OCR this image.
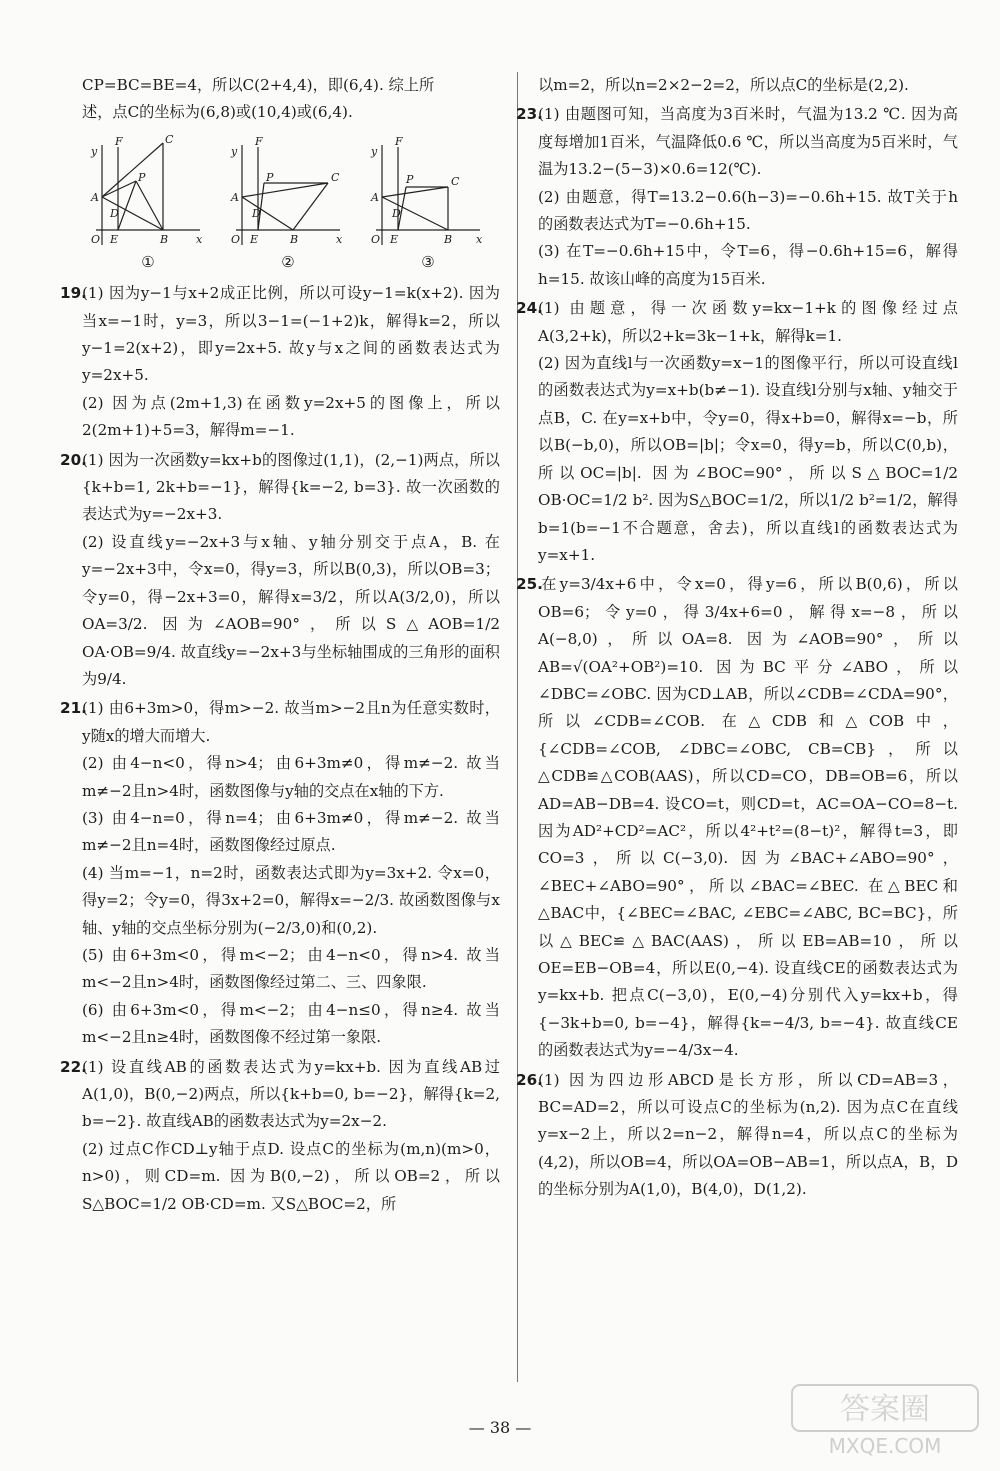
CP=BC=BE=4，所以C(2+4,4)，即(6,4). 综上所

述，点C的坐标为(6,8)或(10,4)或(6,4).

y
F	C
P
A
D
O E	B	x
y
F
C
P
A
D
O E	B	x
y
F
C
P
A
D
O E	B x
①	②	③

19.(1) 因为y−1与x+2成正比例，所以可设y−1=k(x+2). 因为当x=−1时，y=3，所以3−1=(−1+2)k，解得k=2，所以y−1=2(x+2)，即y=2x+5. 故y与x之间的函数表达式为y=2x+5.

(2) 因为点(2m+1,3)在函数y=2x+5的图像上，所以2(2m+1)+5=3，解得m=−1.

20.(1) 因为一次函数y=kx+b的图像过(1,1)，(2,−1)两点，所以{k+b=1, 2k+b=−1}，解得{k=−2, b=3}. 故一次函数的表达式为y=−2x+3.

(2) 设直线y=−2x+3与x轴、y轴分别交于点A，B. 在y=−2x+3中，令x=0，得y=3，所以B(0,3)，所以OB=3；令y=0，得−2x+3=0，解得x=3/2，所以A(3/2,0)，所以OA=3/2. 因为∠AOB=90°，所以S△AOB=1/2 OA·OB=9/4. 故直线y=−2x+3与坐标轴围成的三角形的面积为9/4.

21.(1) 由6+3m>0，得m>−2. 故当m>−2且n为任意实数时，y随x的增大而增大.

(2) 由4−n<0，得n>4；由6+3m≠0，得m≠−2. 故当m≠−2且n>4时，函数图像与y轴的交点在x轴的下方.

(3) 由4−n=0，得n=4；由6+3m≠0，得m≠−2. 故当m≠−2且n=4时，函数图像经过原点.

(4) 当m=−1，n=2时，函数表达式即为y=3x+2. 令x=0，得y=2；令y=0，得3x+2=0，解得x=−2/3. 故函数图像与x轴、y轴的交点坐标分别为(−2/3,0)和(0,2).

(5) 由6+3m<0，得m<−2；由4−n<0，得n>4. 故当m<−2且n>4时，函数图像经过第二、三、四象限.

(6) 由6+3m<0，得m<−2；由4−n≤0，得n≥4. 故当m<−2且n≥4时，函数图像不经过第一象限.

22.(1) 设直线AB的函数表达式为y=kx+b. 因为直线AB过A(1,0)，B(0,−2)两点，所以{k+b=0, b=−2}，解得{k=2, b=−2}. 故直线AB的函数表达式为y=2x−2.

(2) 过点C作CD⊥y轴于点D. 设点C的坐标为(m,n)(m>0，n>0)，则CD=m. 因为B(0,−2)，所以OB=2，所以S△BOC=1/2 OB·CD=m. 又S△BOC=2，所

以m=2，所以n=2×2−2=2，所以点C的坐标是(2,2).

23.(1) 由题图可知，当高度为3百米时，气温为13.2 ℃. 因为高度每增加1百米，气温降低0.6 ℃，所以当高度为5百米时，气温为13.2−(5−3)×0.6=12(℃).

(2) 由题意，得T=13.2−0.6(h−3)=−0.6h+15. 故T关于h的函数表达式为T=−0.6h+15.

(3) 在T=−0.6h+15中，令T=6，得−0.6h+15=6，解得h=15. 故该山峰的高度为15百米.

24.(1) 由题意，得一次函数y=kx−1+k的图像经过点A(3,2+k)，所以2+k=3k−1+k，解得k=1.

(2) 因为直线l与一次函数y=x−1的图像平行，所以可设直线l的函数表达式为y=x+b(b≠−1). 设直线l分别与x轴、y轴交于点B，C. 在y=x+b中，令y=0，得x+b=0，解得x=−b，所以B(−b,0)，所以OB=|b|；令x=0，得y=b，所以C(0,b)，所以OC=|b|. 因为∠BOC=90°，所以S△BOC=1/2 OB·OC=1/2 b². 因为S△BOC=1/2，所以1/2 b²=1/2，解得b=1(b=−1不合题意，舍去)，所以直线l的函数表达式为y=x+1.

25.在y=3/4x+6中，令x=0，得y=6，所以B(0,6)，所以OB=6；令y=0，得3/4x+6=0，解得x=−8，所以A(−8,0)，所以OA=8. 因为∠AOB=90°，所以AB=√(OA²+OB²)=10. 因为BC平分∠ABO，所以∠DBC=∠OBC. 因为CD⊥AB，所以∠CDB=∠CDA=90°，所以∠CDB=∠COB. 在△CDB和△COB中，{∠CDB=∠COB, ∠DBC=∠OBC, CB=CB}，所以△CDB≌△COB(AAS)，所以CD=CO，DB=OB=6，所以AD=AB−DB=4. 设CO=t，则CD=t，AC=OA−CO=8−t. 因为AD²+CD²=AC²，所以4²+t²=(8−t)²，解得t=3，即CO=3，所以C(−3,0). 因为∠BAC+∠ABO=90°，∠BEC+∠ABO=90°，所以∠BAC=∠BEC. 在△BEC和△BAC中，{∠BEC=∠BAC, ∠EBC=∠ABC, BC=BC}，所以△BEC≌△BAC(AAS)，所以EB=AB=10，所以OE=EB−OB=4，所以E(0,−4). 设直线CE的函数表达式为y=kx+b. 把点C(−3,0)，E(0,−4)分别代入y=kx+b，得{−3k+b=0, b=−4}，解得{k=−4/3, b=−4}. 故直线CE的函数表达式为y=−4/3x−4.

26.(1) 因为四边形ABCD是长方形，所以CD=AB=3，BC=AD=2，所以可设点C的坐标为(n,2). 因为点C在直线y=x−2上，所以2=n−2，解得n=4，所以点C的坐标为(4,2)，所以OB=4，所以OA=OB−AB=1，所以点A，B，D的坐标分别为A(1,0)，B(4,0)，D(1,2).

— 38 —
答案圈
MXQE.COM
